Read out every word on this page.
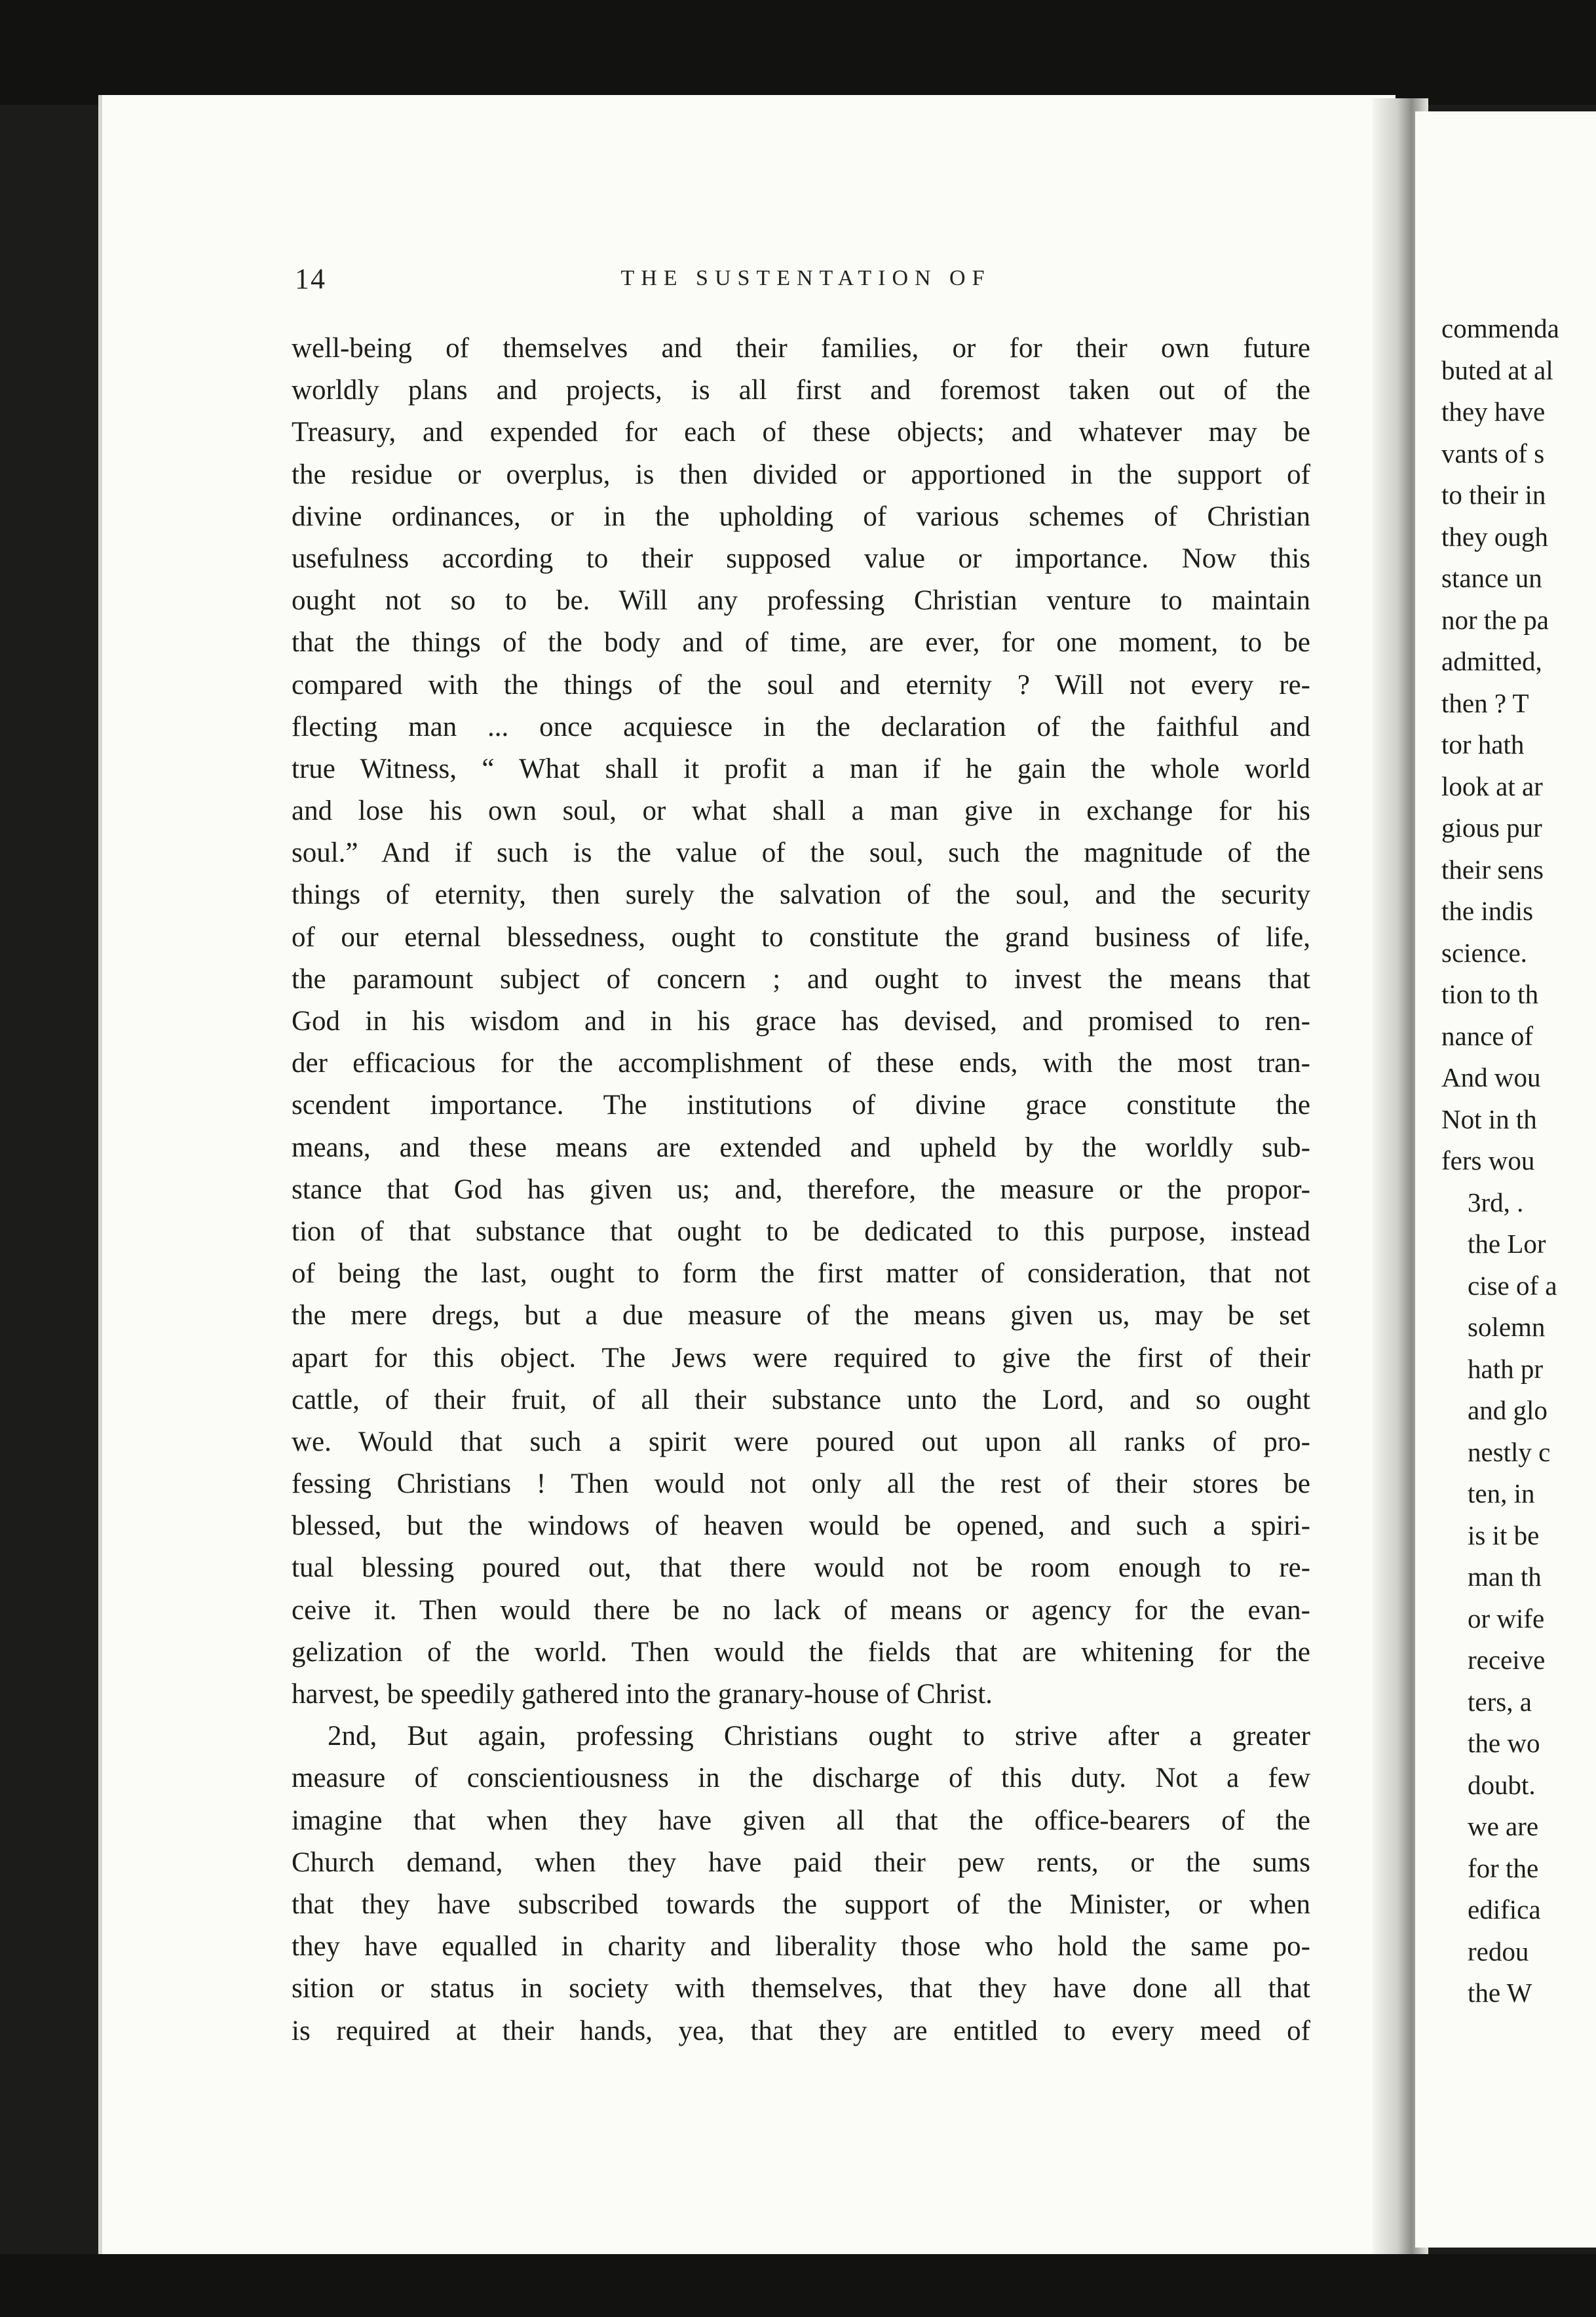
14	THE SUSTENTATION OF
well-being of themselves and their families, or for their own future
worldly plans and projects, is all first and foremost taken out of the
Treasury, and expended for each of these objects; and whatever may be
the residue or overplus, is then divided or apportioned in the support of
divine ordinances, or in the upholding of various schemes of Christian
usefulness according to their supposed value or importance. Now this
ought not so to be. Will any professing Christian venture to maintain
that the things of the body and of time, are ever, for one moment, to be
compared with the things of the soul and eternity ? Will not every re-
flecting man ... once acquiesce in the declaration of the faithful and
true Witness, “ What shall it profit a man if he gain the whole world
and lose his own soul, or what shall a man give in exchange for his
soul.” And if such is the value of the soul, such the magnitude of the
things of eternity, then surely the salvation of the soul, and the security
of our eternal blessedness, ought to constitute the grand business of life,
the paramount subject of concern ; and ought to invest the means that
God in his wisdom and in his grace has devised, and promised to ren-
der efficacious for the accomplishment of these ends, with the most tran-
scendent importance. The institutions of divine grace constitute the
means, and these means are extended and upheld by the worldly sub-
stance that God has given us; and, therefore, the measure or the propor-
tion of that substance that ought to be dedicated to this purpose, instead
of being the last, ought to form the first matter of consideration, that not
the mere dregs, but a due measure of the means given us, may be set
apart for this object. The Jews were required to give the first of their
cattle, of their fruit, of all their substance unto the Lord, and so ought
we. Would that such a spirit were poured out upon all ranks of pro-
fessing Christians ! Then would not only all the rest of their stores be
blessed, but the windows of heaven would be opened, and such a spiri-
tual blessing poured out, that there would not be room enough to re-
ceive it. Then would there be no lack of means or agency for the evan-
gelization of the world. Then would the fields that are whitening for the
harvest, be speedily gathered into the granary-house of Christ.
2nd, But again, professing Christians ought to strive after a greater
measure of conscientiousness in the discharge of this duty. Not a few
imagine that when they have given all that the office-bearers of the
Church demand, when they have paid their pew rents, or the sums
that they have subscribed towards the support of the Minister, or when
they have equalled in charity and liberality those who hold the same po-
sition or status in society with themselves, that they have done all that
is required at their hands, yea, that they are entitled to every meed of
commenda
buted at al
they have
vants of s
to their in
they ough
stance un
nor the pa
admitted,
then ? T
tor hath
look at ar
gious pur
their sens
the indis
science.
tion to th
nance of
And wou
Not in th
fers wou
3rd, .
the Lor
cise of a
solemn
hath pr
and glo
nestly c
ten, in
is it be
man th
or wife
receive
ters, a
the wo
doubt.
we are
for the
edifica
redou
the W
